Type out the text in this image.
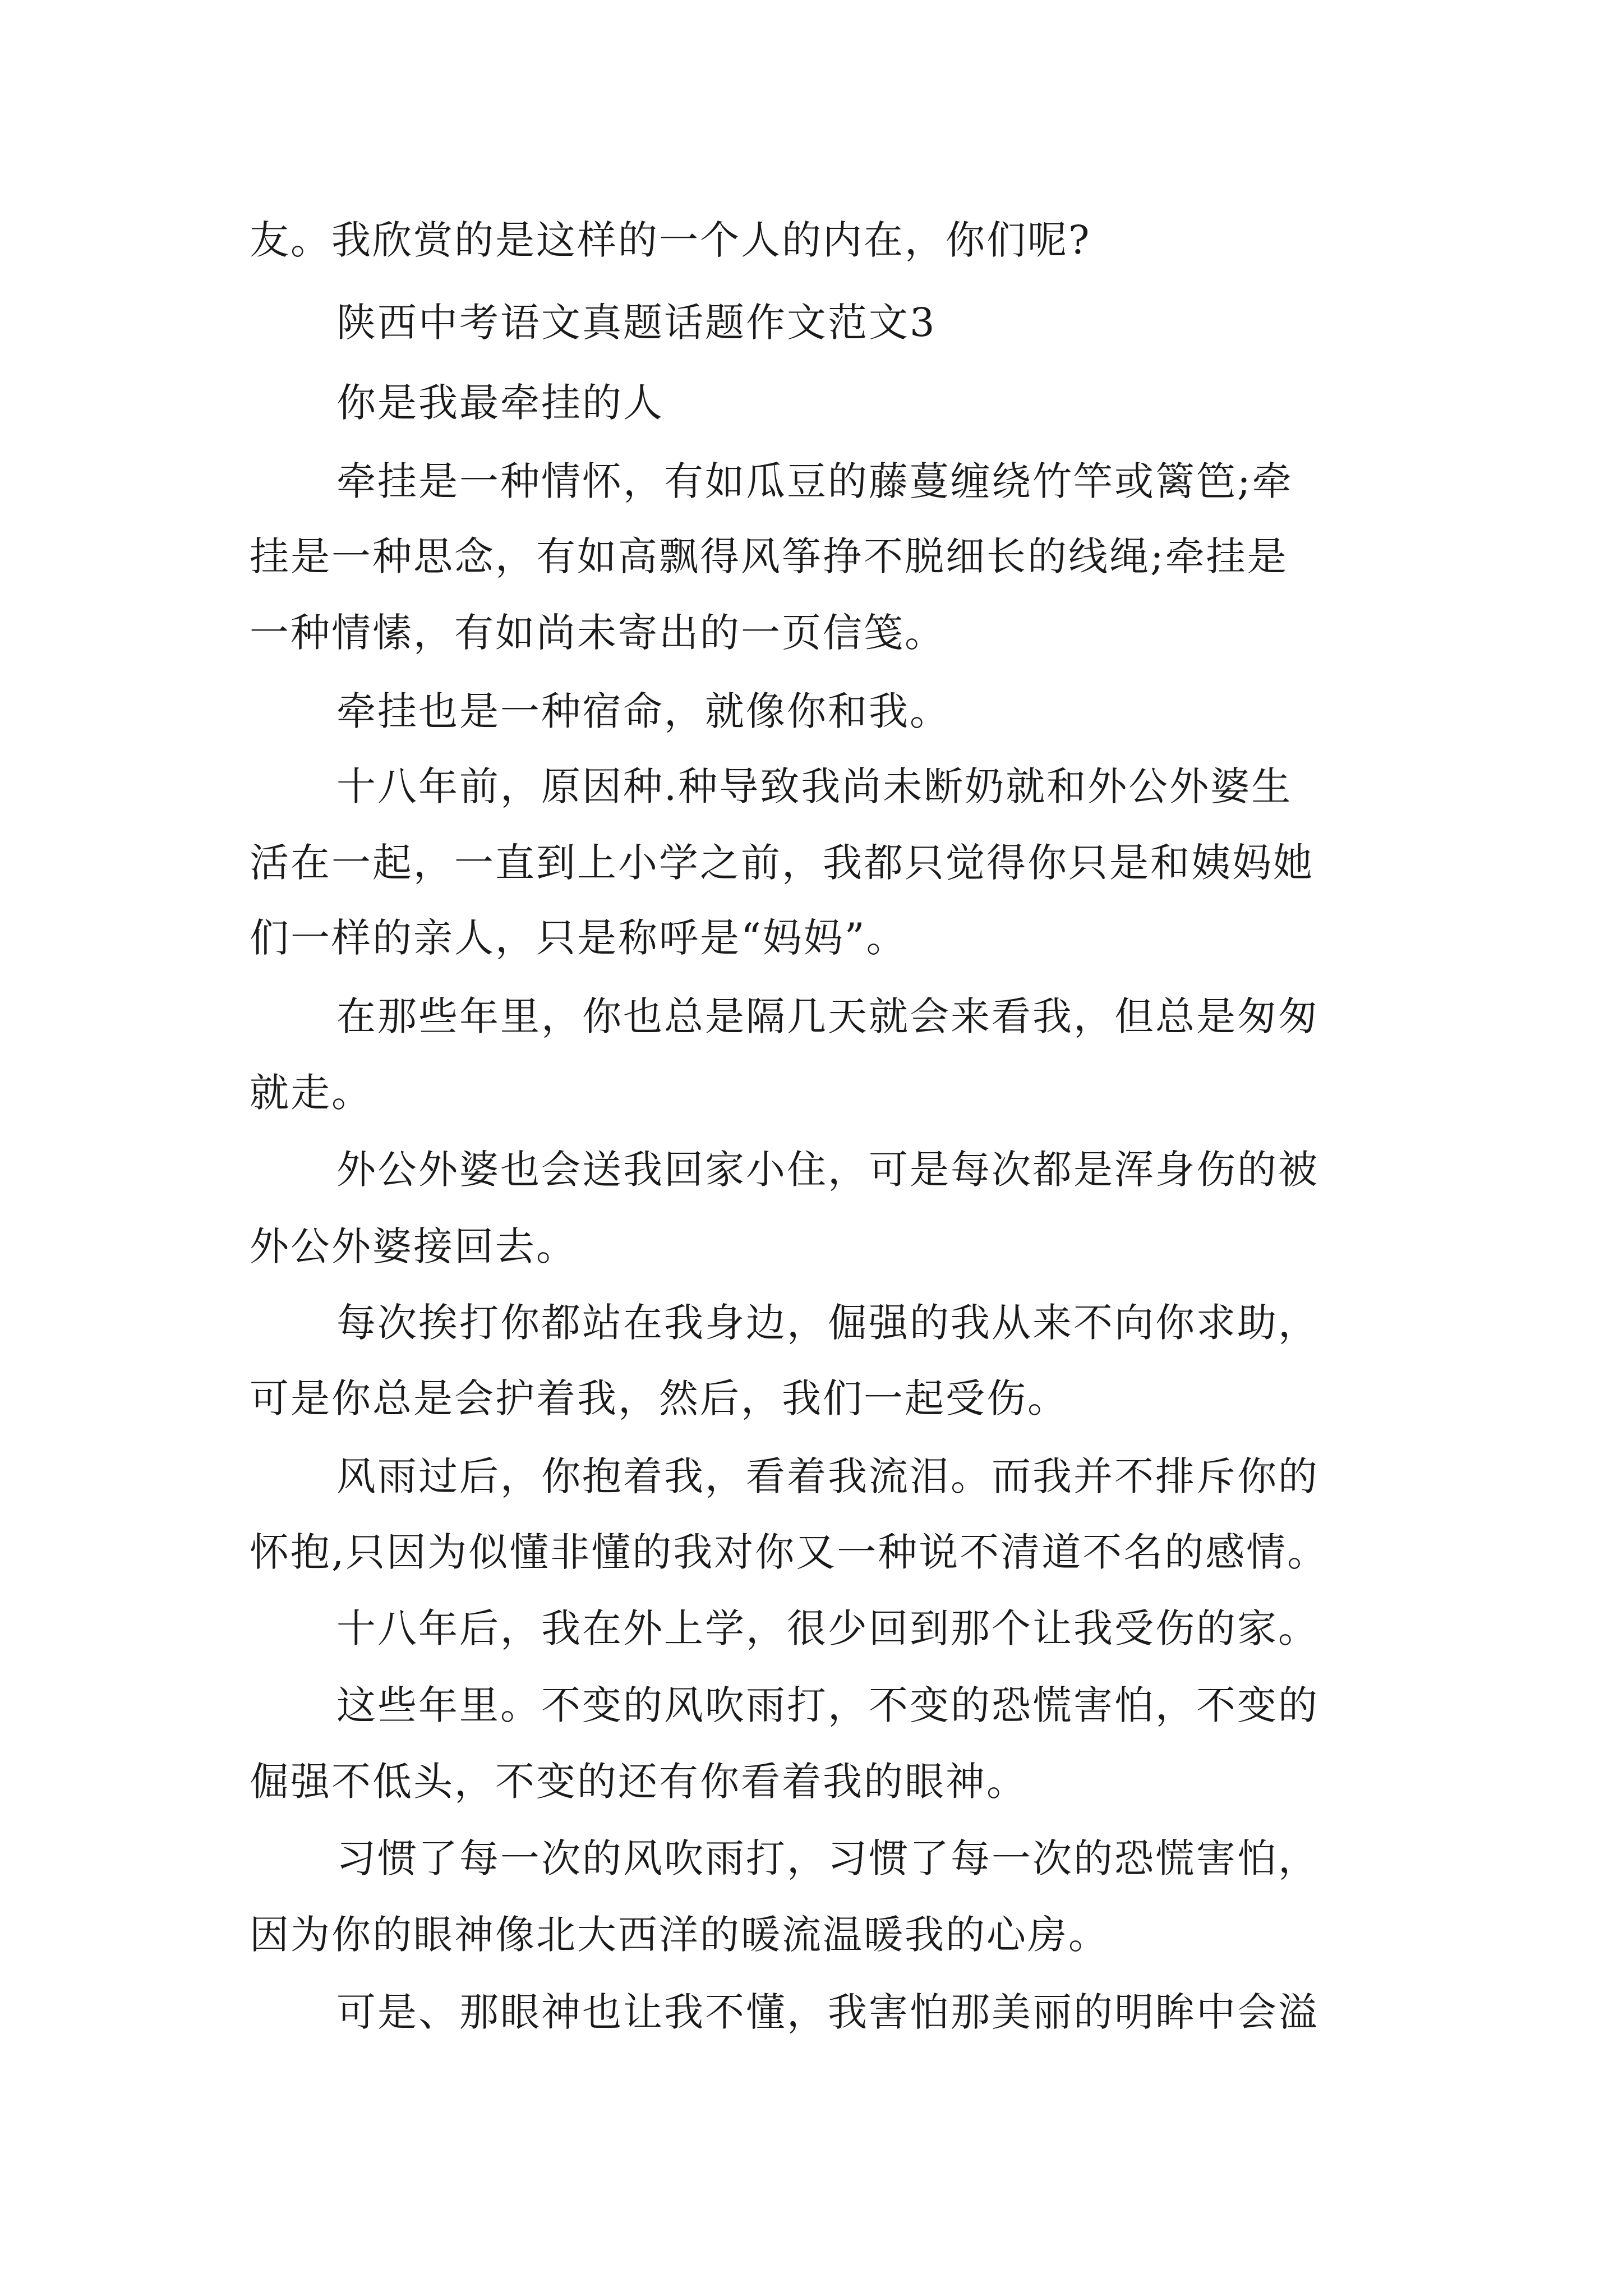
友。我欣赏的是这样的一个人的内在，你们呢?
陕西中考语文真题话题作文范文3
你是我最牵挂的人
牵挂是一种情怀，有如瓜豆的藤蔓缠绕竹竿或篱笆;牵
挂是一种思念，有如高飘得风筝挣不脱细长的线绳;牵挂是
一种情愫，有如尚未寄出的一页信笺。
牵挂也是一种宿命，就像你和我。
十八年前，原因种.种导致我尚未断奶就和外公外婆生
活在一起，一直到上小学之前，我都只觉得你只是和姨妈她
们一样的亲人，只是称呼是“妈妈”。
在那些年里，你也总是隔几天就会来看我，但总是匆匆
就走。
外公外婆也会送我回家小住，可是每次都是浑身伤的被
外公外婆接回去。
每次挨打你都站在我身边，倔强的我从来不向你求助，
可是你总是会护着我，然后，我们一起受伤。
风雨过后，你抱着我，看着我流泪。而我并不排斥你的
怀抱,只因为似懂非懂的我对你又一种说不清道不名的感情。
十八年后，我在外上学，很少回到那个让我受伤的家。
这些年里。不变的风吹雨打，不变的恐慌害怕，不变的
倔强不低头，不变的还有你看着我的眼神。
习惯了每一次的风吹雨打，习惯了每一次的恐慌害怕，
因为你的眼神像北大西洋的暖流温暖我的心房。
可是、那眼神也让我不懂，我害怕那美丽的明眸中会溢
